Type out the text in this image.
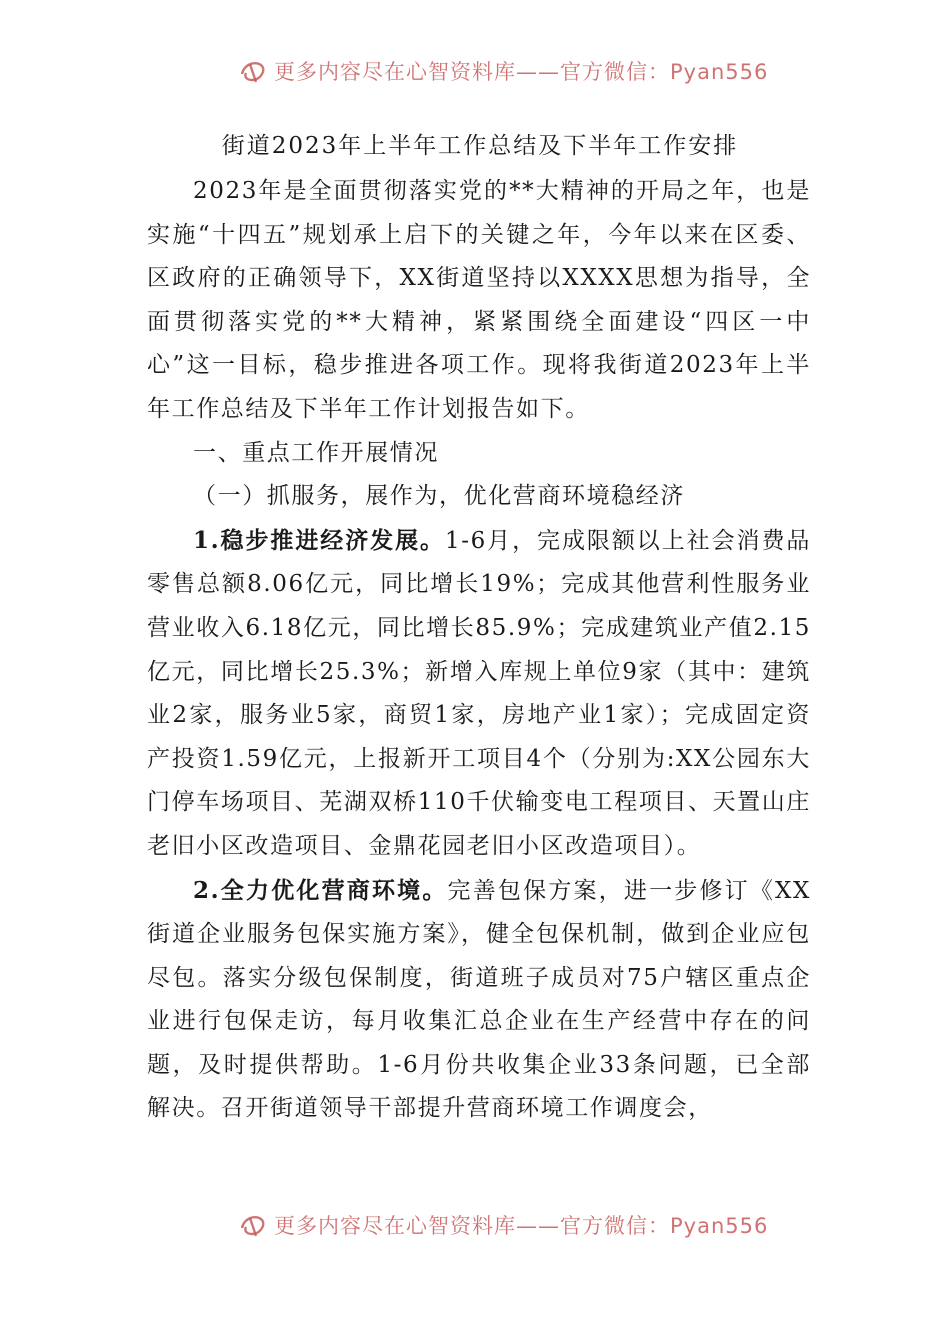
更多内容尽在心智资料库——官方微信：Pyan556
街道2023年上半年工作总结及下半年工作安排

2023年是全面贯彻落实党的**大精神的开局之年，也是实施“十四五”规划承上启下的关键之年，今年以来在区委、区政府的正确领导下，XX街道坚持以XXXX思想为指导，全面贯彻落实党的**大精神，紧紧围绕全面建设“四区一中心”这一目标，稳步推进各项工作。现将我街道2023年上半年工作总结及下半年工作计划报告如下。

一、重点工作开展情况

（一）抓服务，展作为，优化营商环境稳经济

1.稳步推进经济发展。1-6月，完成限额以上社会消费品零售总额8.06亿元，同比增长19%；完成其他营利性服务业营业收入6.18亿元，同比增长85.9%；完成建筑业产值2.15亿元，同比增长25.3%；新增入库规上单位9家（其中：建筑业2家，服务业5家，商贸1家，房地产业1家）；完成固定资产投资1.59亿元，上报新开工项目4个（分别为:XX公园东大门停车场项目、芜湖双桥110千伏输变电工程项目、天置山庄老旧小区改造项目、金鼎花园老旧小区改造项目）。

2.全力优化营商环境。完善包保方案，进一步修订《XX街道企业服务包保实施方案》，健全包保机制，做到企业应包尽包。落实分级包保制度，街道班子成员对75户辖区重点企业进行包保走访，每月收集汇总企业在生产经营中存在的问题，及时提供帮助。1-6月份共收集企业33条问题，已全部解决。召开街道领导干部提升营商环境工作调度会，

更多内容尽在心智资料库——官方微信：Pyan556
